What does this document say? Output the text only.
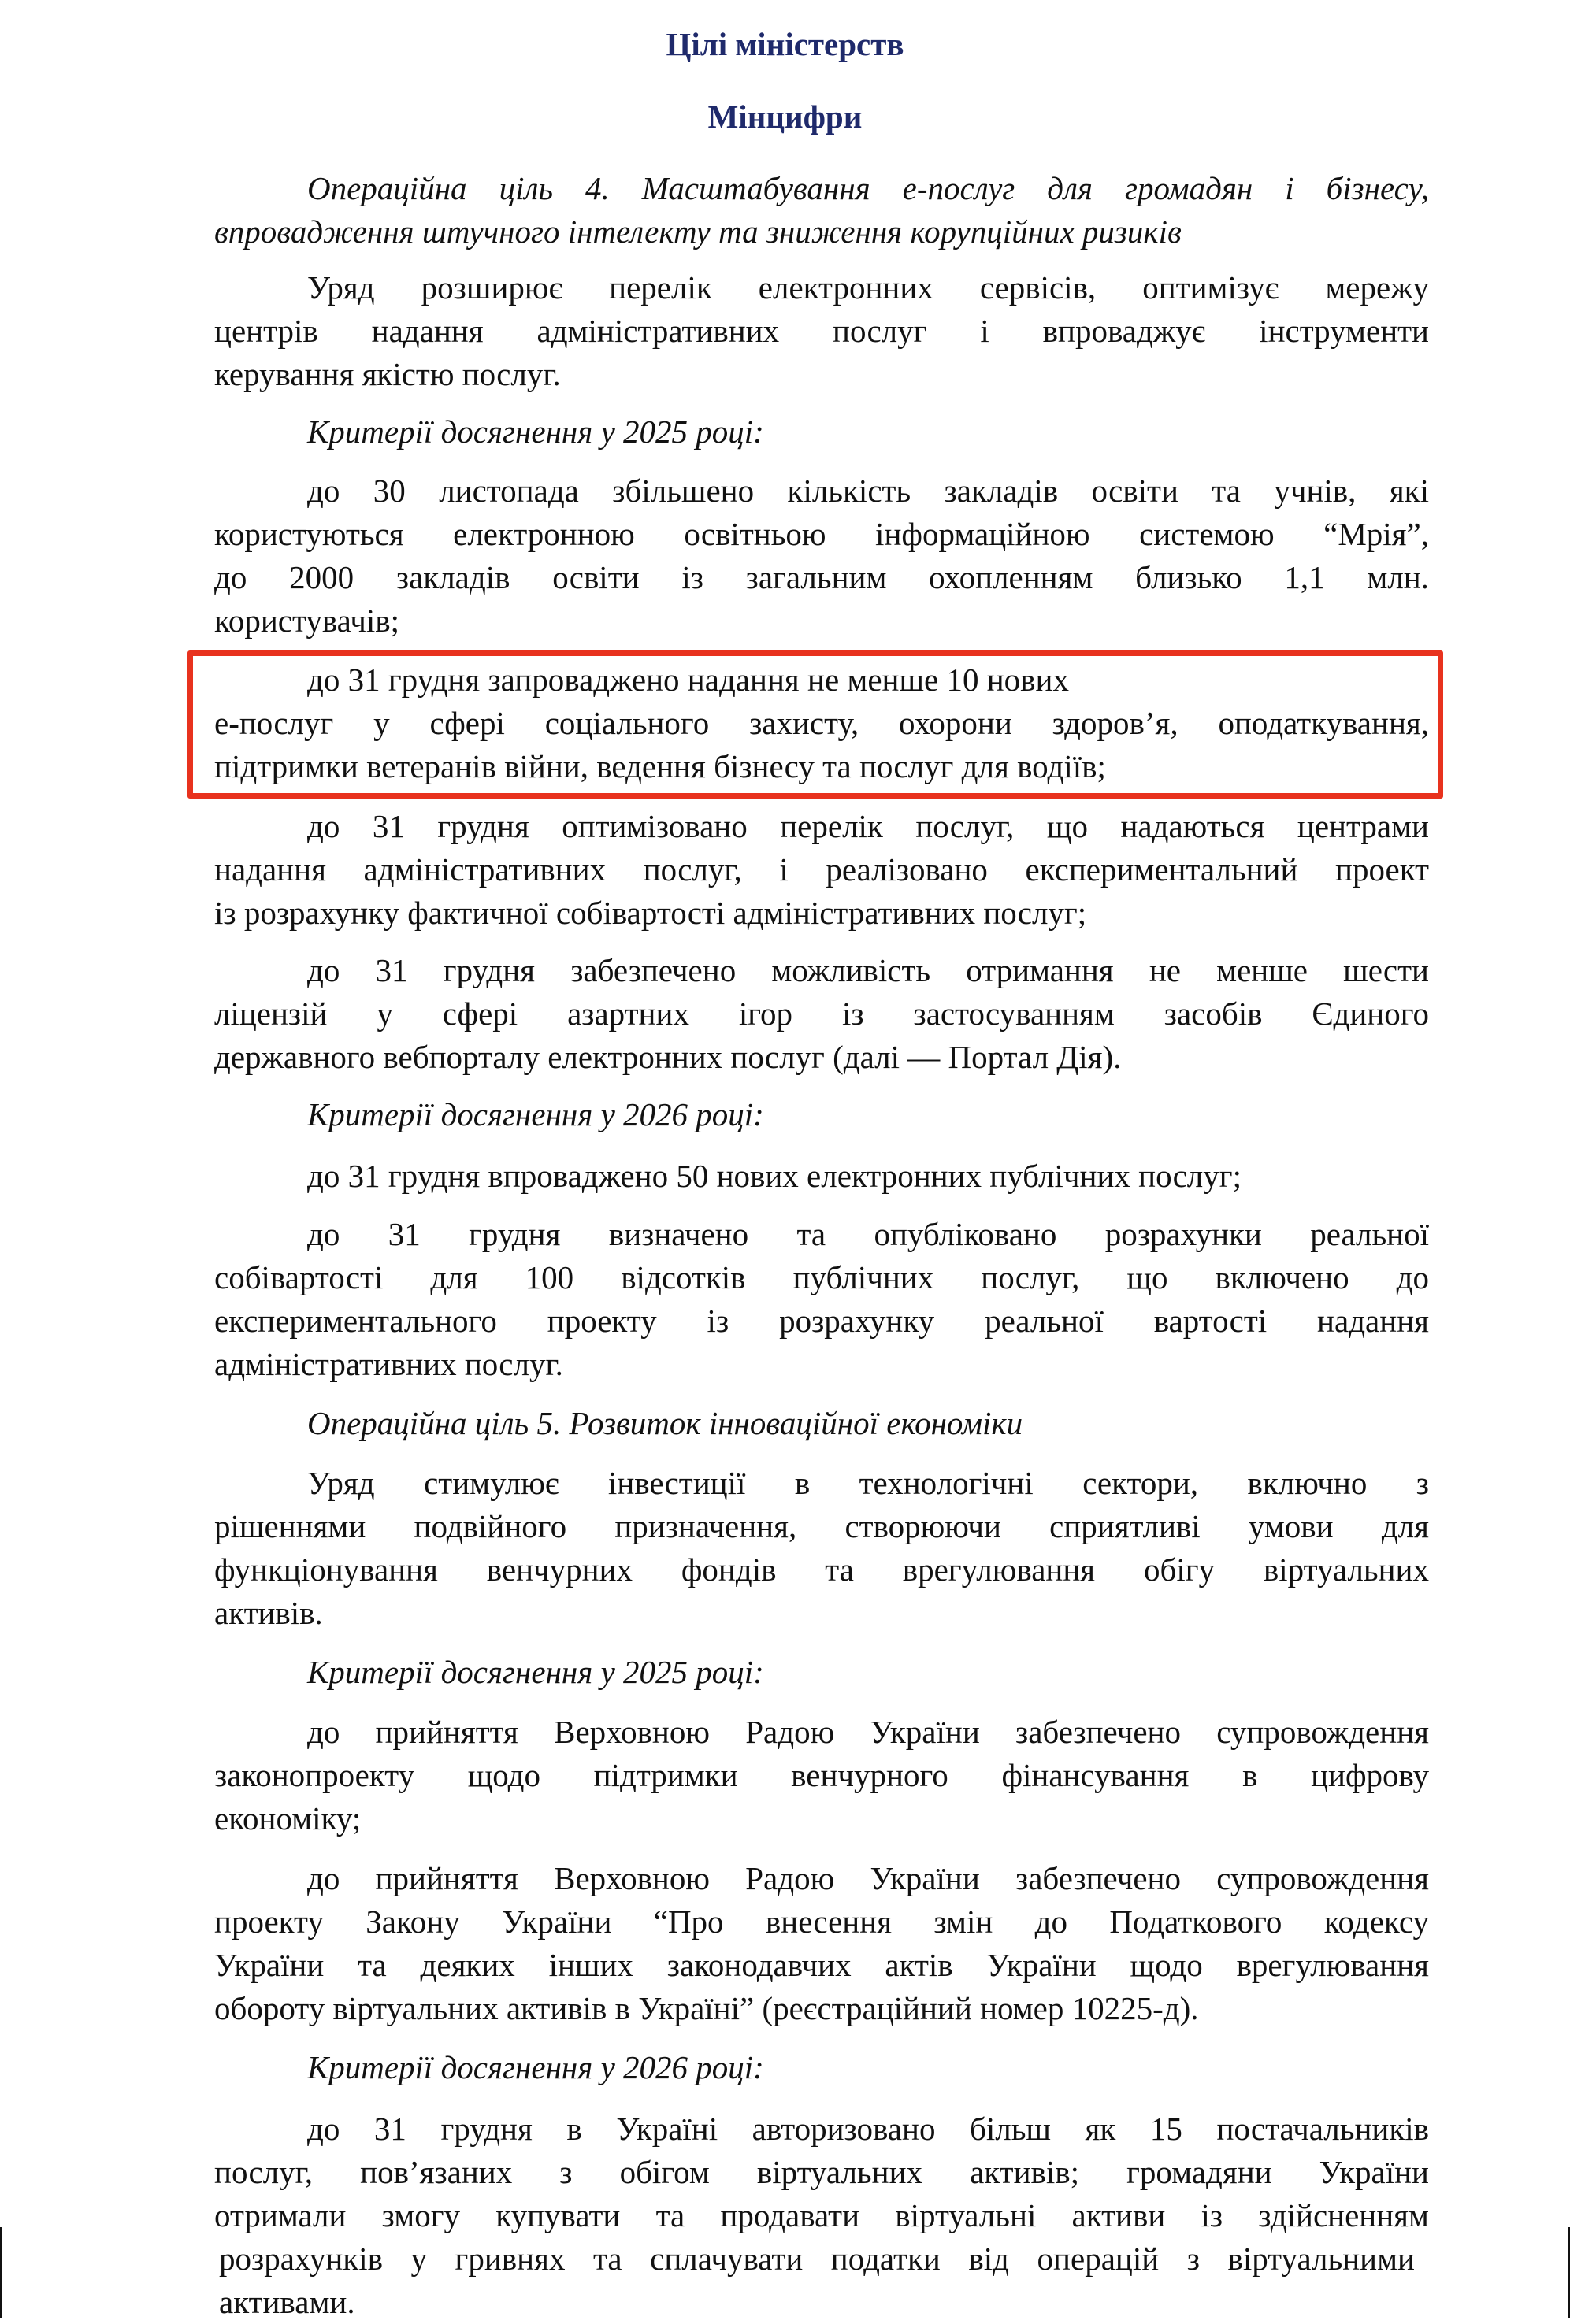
Цілі міністерств
Мінцифри
Операційна ціль 4. Масштабування е-послуг для громадян і бізнесу,
впровадження штучного інтелекту та зниження корупційних ризиків
Уряд розширює перелік електронних сервісів, оптимізує мережу
центрів надання адміністративних послуг і впроваджує інструменти
керування якістю послуг.
Критерії досягнення у 2025 році:
до 30 листопада збільшено кількість закладів освіти та учнів, які
користуються електронною освітньою інформаційною системою “Мрія”,
до 2000 закладів освіти із загальним охопленням близько 1,1 млн.
користувачів;
до 31 грудня запроваджено надання не менше 10 нових
е-послуг у сфері соціального захисту, охорони здоров’я, оподаткування,
підтримки ветеранів війни, ведення бізнесу та послуг для водіїв;
до 31 грудня оптимізовано перелік послуг, що надаються центрами
надання адміністративних послуг, і реалізовано експериментальний проект
із розрахунку фактичної собівартості адміністративних послуг;
до 31 грудня забезпечено можливість отримання не менше шести
ліцензій у сфері азартних ігор із застосуванням засобів Єдиного
державного вебпорталу електронних послуг (далі — Портал Дія).
Критерії досягнення у 2026 році:
до 31 грудня впроваджено 50 нових електронних публічних послуг;
до 31 грудня визначено та опубліковано розрахунки реальної
собівартості для 100 відсотків публічних послуг, що включено до
експериментального проекту із розрахунку реальної вартості надання
адміністративних послуг.
Операційна ціль 5. Розвиток інноваційної економіки
Уряд стимулює інвестиції в технологічні сектори, включно з
рішеннями подвійного призначення, створюючи сприятливі умови для
функціонування венчурних фондів та врегулювання обігу віртуальних
активів.
Критерії досягнення у 2025 році:
до прийняття Верховною Радою України забезпечено супровождення
законопроекту щодо підтримки венчурного фінансування в цифрову
економіку;
до прийняття Верховною Радою України забезпечено супровождення
проекту Закону України “Про внесення змін до Податкового кодексу
України та деяких інших законодавчих актів України щодо врегулювання
обороту віртуальних активів в Україні” (реєстраційний номер 10225-д).
Критерії досягнення у 2026 році:
до 31 грудня в Україні авторизовано більш як 15 постачальників
послуг, пов’язаних з обігом віртуальних активів; громадяни України
отримали змогу купувати та продавати віртуальні активи із здійсненням
розрахунків у гривнях та сплачувати податки від операцій з віртуальними
активами.
